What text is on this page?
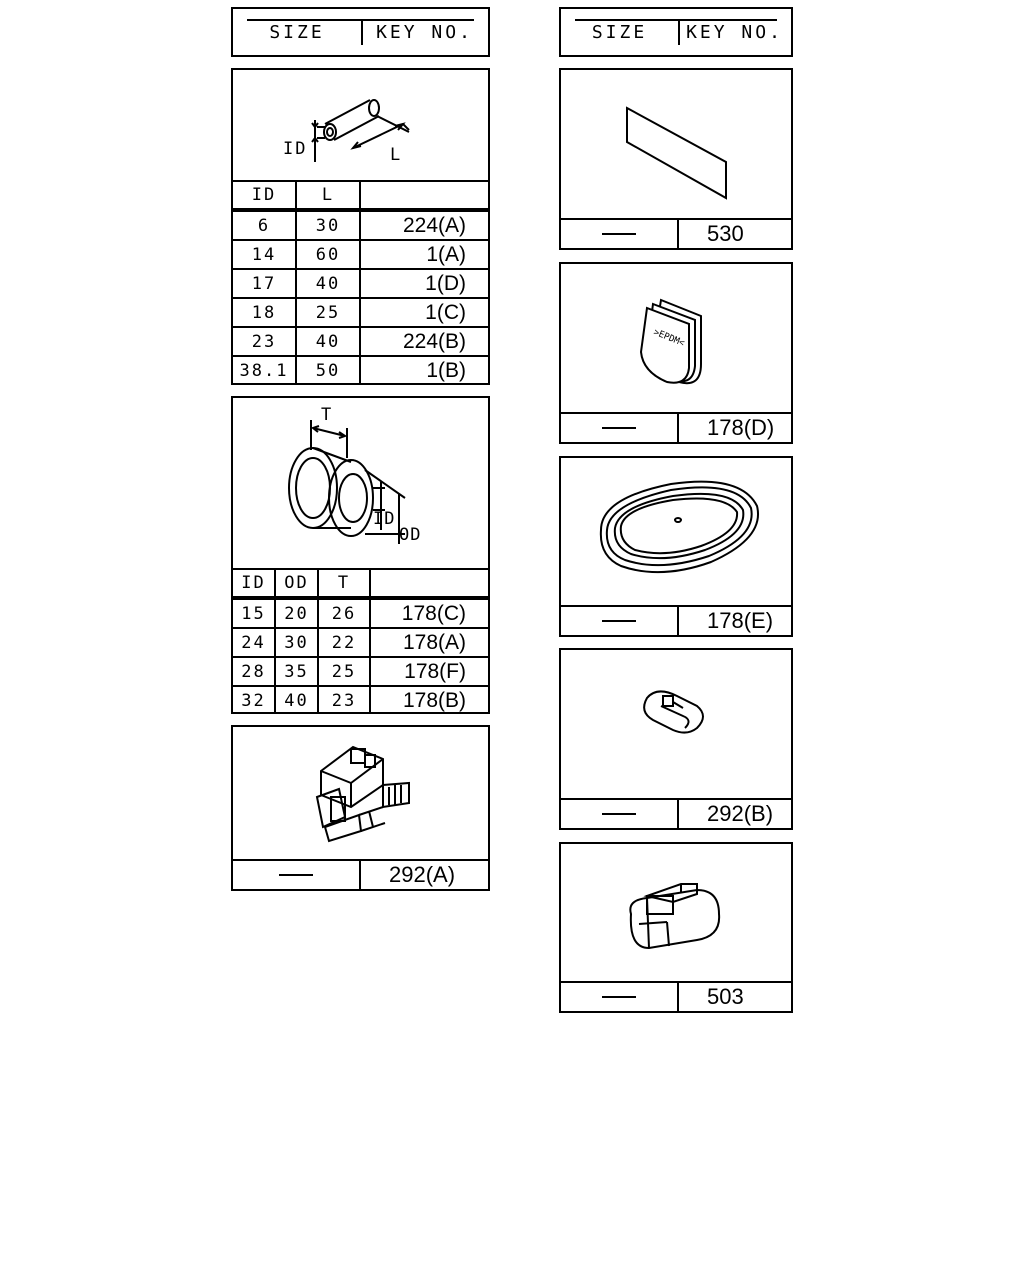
SIZE	KEY NO.	SIZE	KEY NO.
ID	L
ID	L	
6	30	224(A)
14	60	1(A)
17	40	1(D)
18	25	1(C)
23	40	224(B)
38.1	50	1(B)
T
ID
OD
ID	OD	T	
15	20	26	178(C)
24	30	22	178(A)
28	35	25	178(F)
32	40	23	178(B)
292(A)
530
>EPDM<
178(D)
178(E)
292(B)
503
